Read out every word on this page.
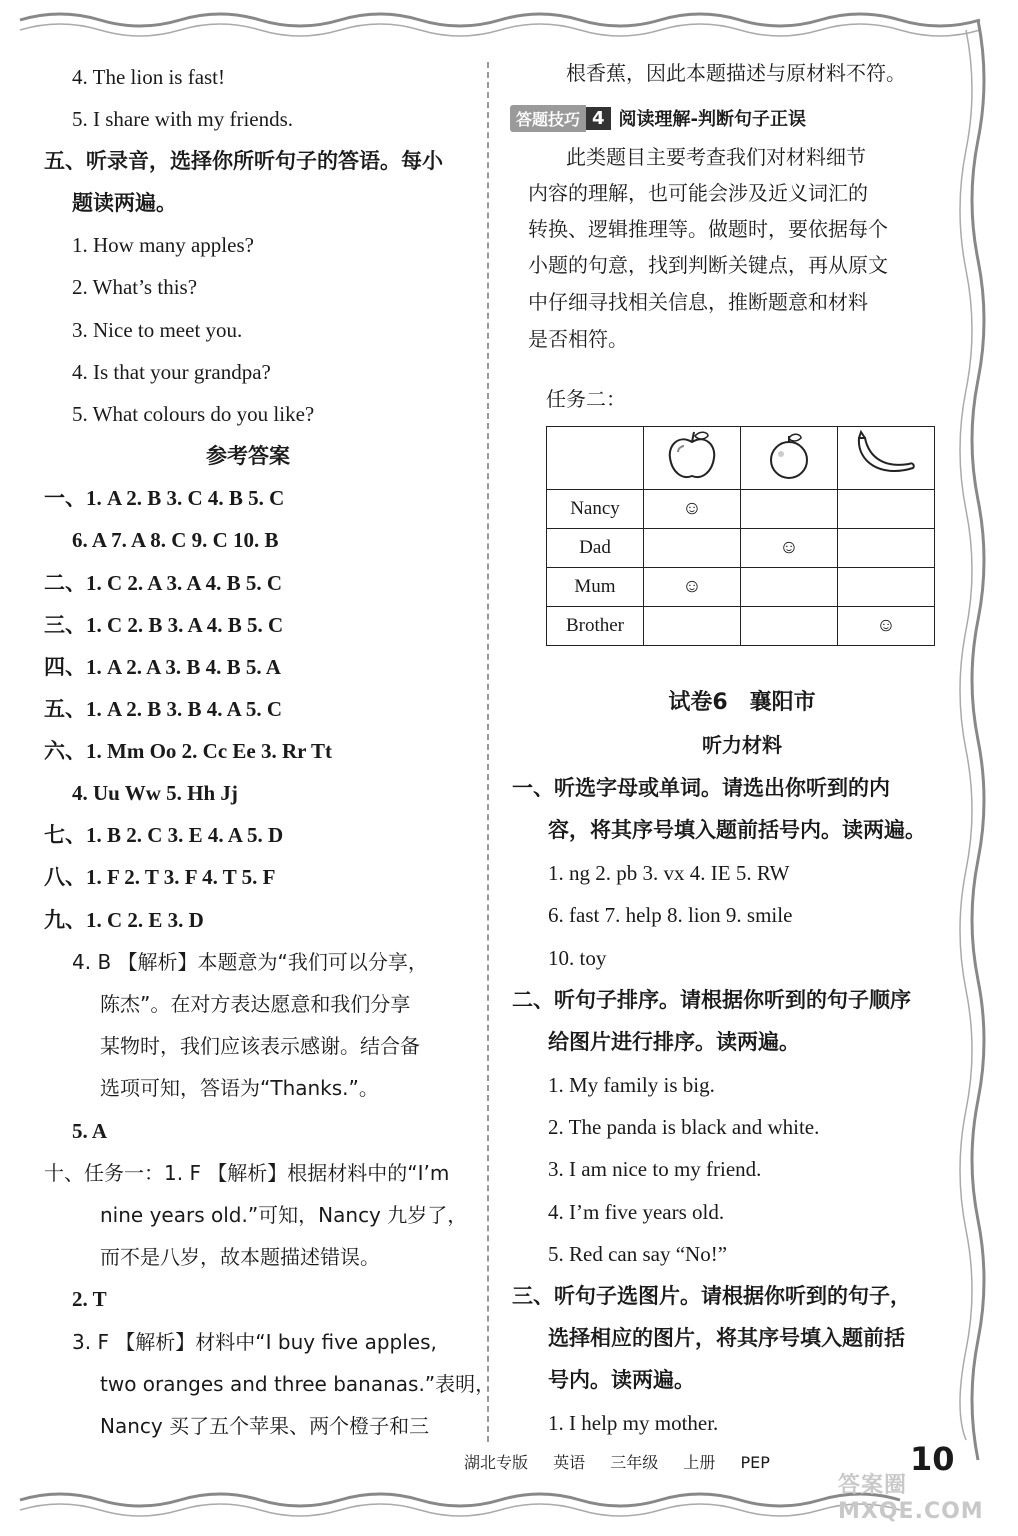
4. The lion is fast!
5. I share with my friends.
五、听录音，选择你所听句子的答语。每小
题读两遍。
1. How many apples?
2. What’s this?
3. Nice to meet you.
4. Is that your grandpa?
5. What colours do you like?
参考答案
一、1. A 2. B 3. C 4. B 5. C
6. A 7. A 8. C 9. C 10. B
二、1. C 2. A 3. A 4. B 5. C
三、1. C 2. B 3. A 4. B 5. C
四、1. A 2. A 3. B 4. B 5. A
五、1. A 2. B 3. B 4. A 5. C
六、1. Mm Oo 2. Cc Ee 3. Rr Tt
4. Uu Ww 5. Hh Jj
七、1. B 2. C 3. E 4. A 5. D
八、1. F 2. T 3. F 4. T 5. F
九、1. C 2. E 3. D
4. B 【解析】本题意为“我们可以分享，
陈杰”。在对方表达愿意和我们分享
某物时，我们应该表示感谢。结合备
选项可知，答语为“Thanks.”。
5. A
十、任务一：1. F 【解析】根据材料中的“I’m
nine years old.”可知，Nancy 九岁了，
而不是八岁，故本题描述错误。
2. T
3. F 【解析】材料中“I buy five apples,
two oranges and three bananas.”表明，
Nancy 买了五个苹果、两个橙子和三
根香蕉，因此本题描述与原材料不符。
答题技巧 4 阅读理解-判断句子正误
此类题目主要考查我们对材料细节
内容的理解，也可能会涉及近义词汇的
转换、逻辑推理等。做题时，要依据每个
小题的句意，找到判断关键点，再从原文
中仔细寻找相关信息，推断题意和材料
是否相符。
任务二：

Nancy	☺		
Dad		☺	
Mum	☺		
Brother			☺
试卷6　襄阳市
听力材料
一、听选字母或单词。请选出你听到的内
容，将其序号填入题前括号内。读两遍。
1. ng 2. pb 3. vx 4. IE 5. RW
6. fast 7. help 8. lion 9. smile
10. toy
二、听句子排序。请根据你听到的句子顺序
给图片进行排序。读两遍。
1. My family is big.
2. The panda is black and white.
3. I am nice to my friend.
4. I’m five years old.
5. Red can say “No!”
三、听句子选图片。请根据你听到的句子，
选择相应的图片，将其序号填入题前括
号内。读两遍。
1. I help my mother.
湖北专版 英语 三年级 上册 PEP	10
答案圈 MXQE.COM
